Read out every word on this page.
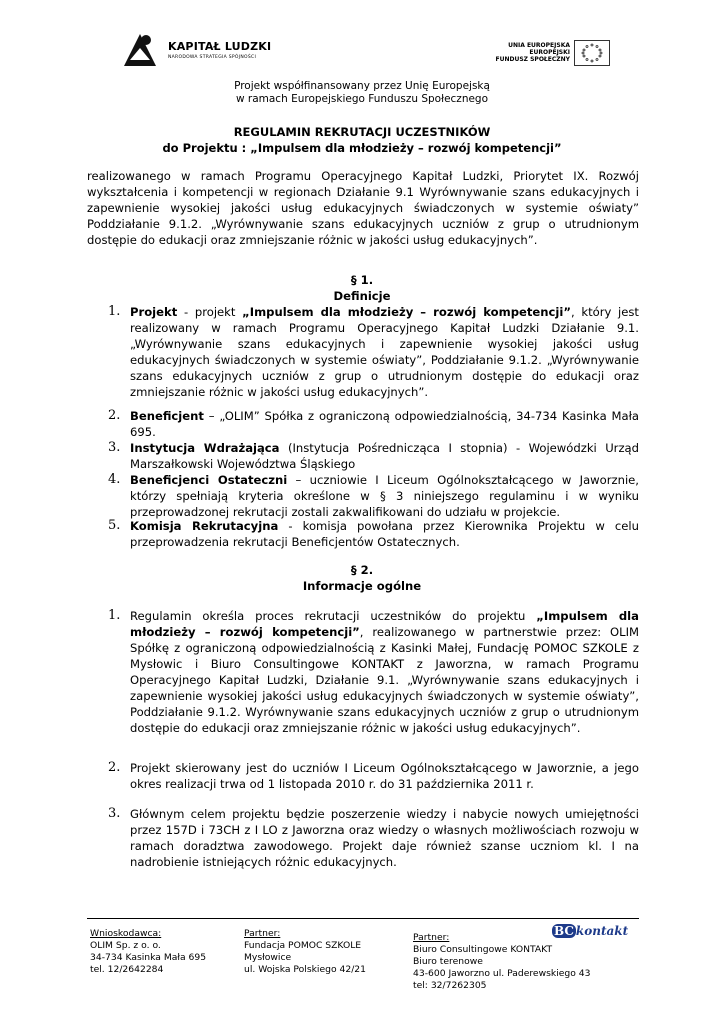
KAPITAŁ LUDZKI
NARODOWA STRATEGIA SPÓJNOŚCI
UNIA EUROPEJSKA
EUROPEJSKI
FUNDUSZ SPOŁECZNY
Projekt współfinansowany przez Unię Europejską
w ramach Europejskiego Funduszu Społecznego
REGULAMIN REKRUTACJI UCZESTNIKÓW
do Projektu : „Impulsem dla młodzieży – rozwój kompetencji”
realizowanego w ramach Programu Operacyjnego Kapitał Ludzki, Priorytet IX. Rozwój wykształcenia i kompetencji w regionach Działanie 9.1 Wyrównywanie szans edukacyjnych i zapewnienie wysokiej jakości usług edukacyjnych świadczonych w systemie oświaty” Poddziałanie 9.1.2. „Wyrównywanie szans edukacyjnych uczniów z grup o utrudnionym dostępie do edukacji oraz zmniejszanie różnic w jakości usług edukacyjnych”.
§ 1.
Definicje
1. Projekt - projekt „Impulsem dla młodzieży – rozwój kompetencji”, który jest realizowany w ramach Programu Operacyjnego Kapitał Ludzki Działanie 9.1. „Wyrównywanie szans edukacyjnych i zapewnienie wysokiej jakości usług edukacyjnych świadczonych w systemie oświaty”, Poddziałanie 9.1.2. „Wyrównywanie szans edukacyjnych uczniów z grup o utrudnionym dostępie do edukacji oraz zmniejszanie różnic w jakości usług edukacyjnych”.
2. Beneficjent – „OLIM” Spółka z ograniczoną odpowiedzialnością, 34-734 Kasinka Mała 695.
3. Instytucja Wdrażająca (Instytucja Pośrednicząca I stopnia) - Wojewódzki Urząd Marszałkowski Województwa Śląskiego
4. Beneficjenci Ostateczni – uczniowie I Liceum Ogólnokształcącego w Jaworznie, którzy spełniają kryteria określone w § 3 niniejszego regulaminu i w wyniku przeprowadzonej rekrutacji zostali zakwalifikowani do udziału w projekcie.
5. Komisja Rekrutacyjna - komisja powołana przez Kierownika Projektu w celu przeprowadzenia rekrutacji Beneficjentów Ostatecznych.
§ 2.
Informacje ogólne
1. Regulamin określa proces rekrutacji uczestników do projektu „Impulsem dla młodzieży – rozwój kompetencji”, realizowanego w partnerstwie przez: OLIM Spółkę z ograniczoną odpowiedzialnością z Kasinki Małej, Fundację POMOC SZKOLE z Mysłowic i Biuro Consultingowe KONTAKT z Jaworzna, w ramach Programu Operacyjnego Kapitał Ludzki, Działanie 9.1. „Wyrównywanie szans edukacyjnych i zapewnienie wysokiej jakości usług edukacyjnych świadczonych w systemie oświaty”, Poddziałanie 9.1.2. Wyrównywanie szans edukacyjnych uczniów z grup o utrudnionym dostępie do edukacji oraz zmniejszanie różnic w jakości usług edukacyjnych”.
2. Projekt skierowany jest do uczniów I Liceum Ogólnokształcącego w Jaworznie, a jego okres realizacji trwa od 1 listopada 2010 r. do 31 października 2011 r.
3. Głównym celem projektu będzie poszerzenie wiedzy i nabycie nowych umiejętności przez 157D i 73CH z I LO z Jaworzna oraz wiedzy o własnych możliwościach rozwoju w ramach doradztwa zawodowego. Projekt daje również szanse uczniom kl. I na nadrobienie istniejących różnic edukacyjnych.
Wnioskodawca:
OLIM Sp. z o. o.
34-734 Kasinka Mała 695
tel. 12/2642284
Partner:
Fundacja POMOC SZKOLE
Mysłowice
ul. Wojska Polskiego 42/21
Partner:
Biuro Consultingowe KONTAKT
Biuro terenowe
43-600 Jaworzno ul. Paderewskiego 43
tel: 32/7262305
BC kontakt
